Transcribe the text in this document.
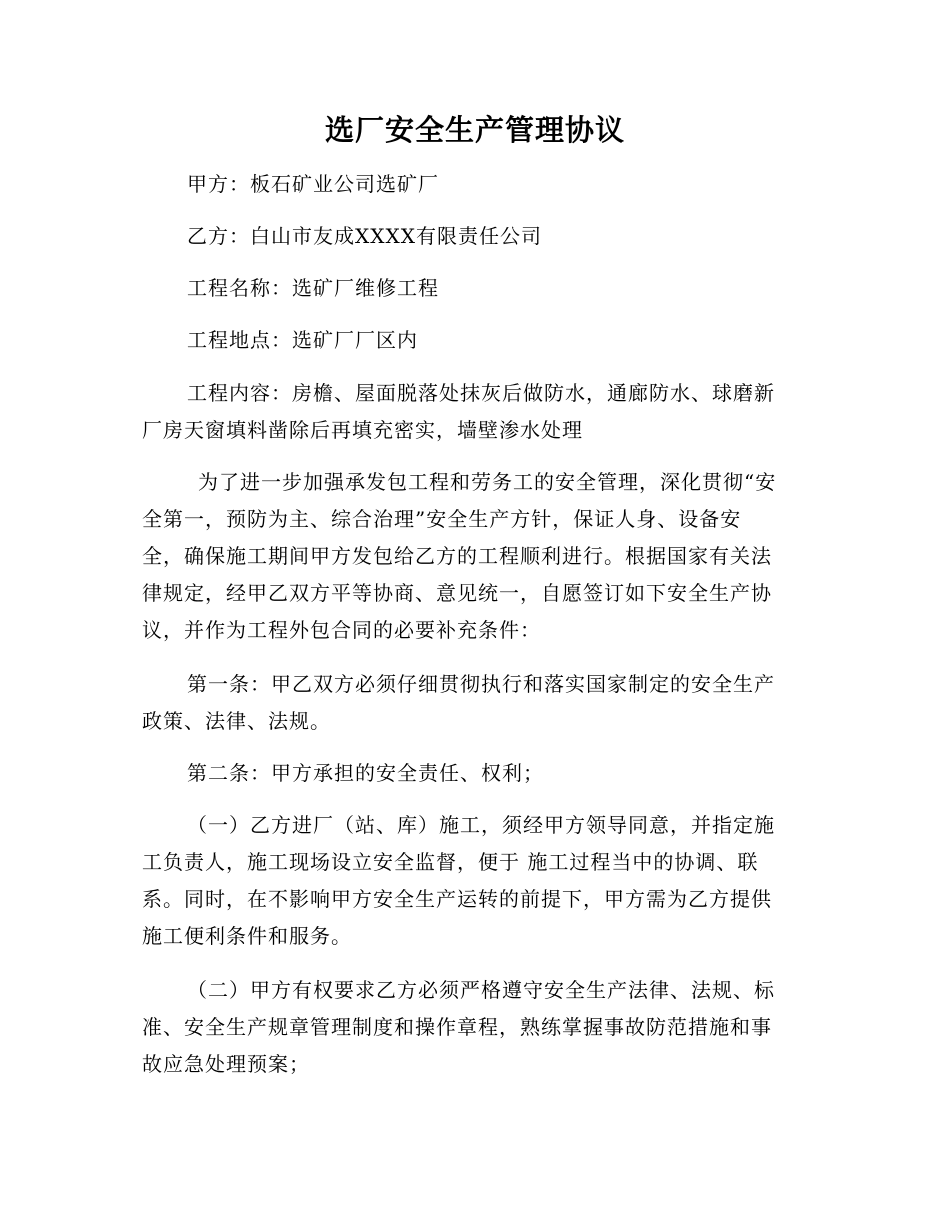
选厂安全生产管理协议
甲方：板石矿业公司选矿厂
乙方：白山市友成XXXX有限责任公司
工程名称：选矿厂维修工程
工程地点：选矿厂厂区内
工程内容：房檐、屋面脱落处抹灰后做防水，通廊防水、球磨新
厂房天窗填料凿除后再填充密实，墙壁渗水处理
为了进一步加强承发包工程和劳务工的安全管理，深化贯彻“安
全第一，预防为主、综合治理”安全生产方针，保证人身、设备安
全，确保施工期间甲方发包给乙方的工程顺利进行。根据国家有关法
律规定，经甲乙双方平等协商、意见统一，自愿签订如下安全生产协
议，并作为工程外包合同的必要补充条件：
第一条：甲乙双方必须仔细贯彻执行和落实国家制定的安全生产
政策、法律、法规。
第二条：甲方承担的安全责任、权利；
（一）乙方进厂（站、库）施工，须经甲方领导同意，并指定施
工负责人，施工现场设立安全监督，便于 施工过程当中的协调、联
系。同时，在不影响甲方安全生产运转的前提下，甲方需为乙方提供
施工便利条件和服务。
（二）甲方有权要求乙方必须严格遵守安全生产法律、法规、标
准、安全生产规章管理制度和操作章程，熟练掌握事故防范措施和事
故应急处理预案；
